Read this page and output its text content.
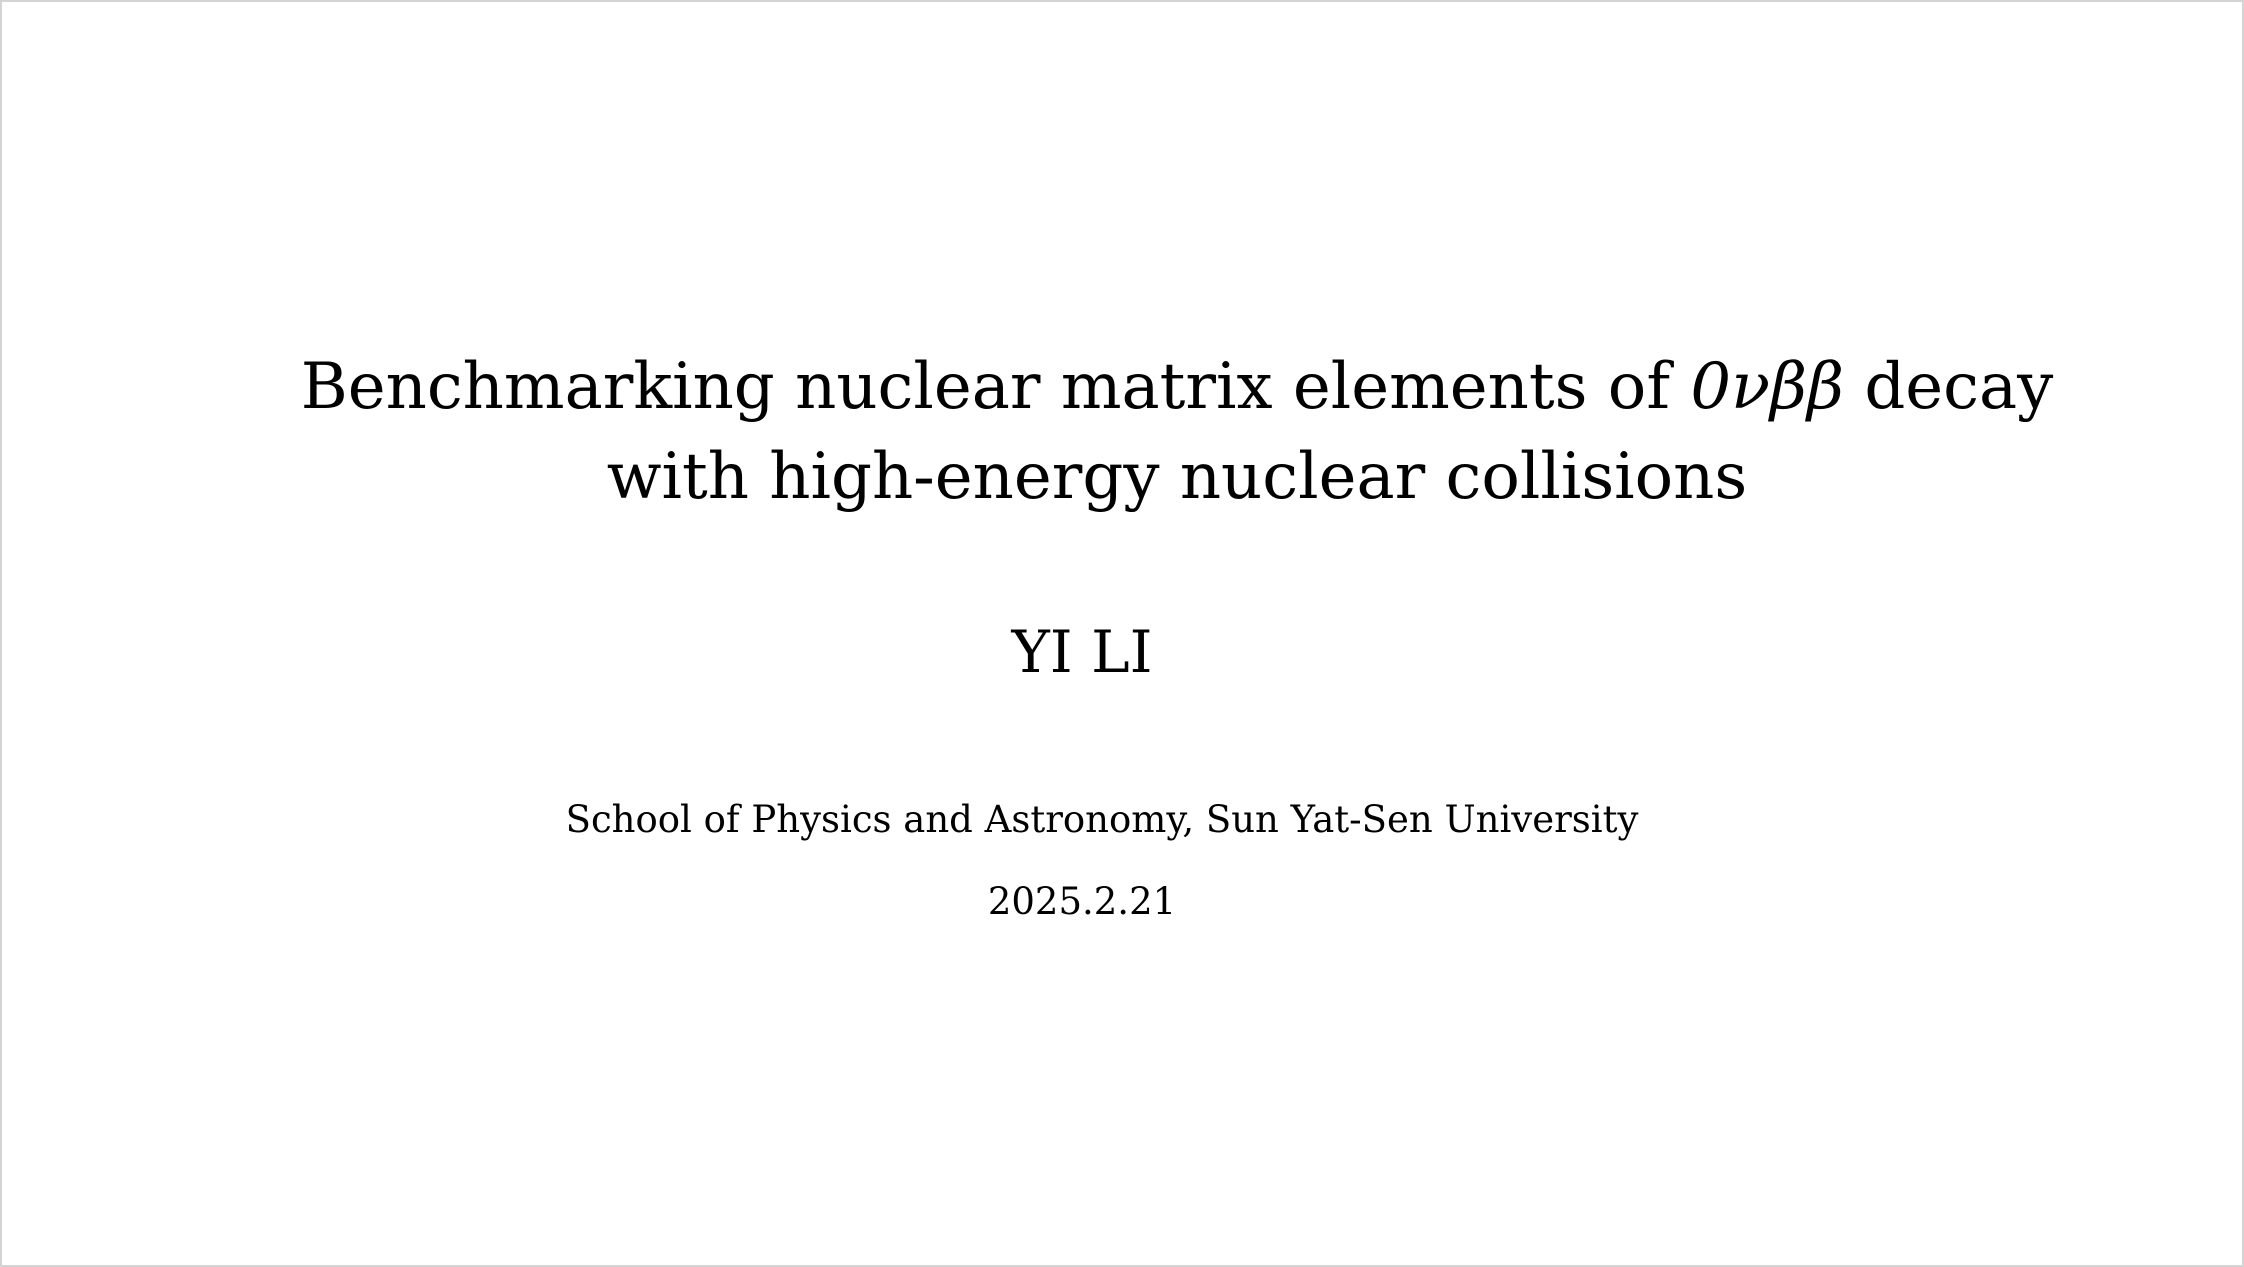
Benchmarking nuclear matrix elements of 0νββ decay
with high-energy nuclear collisions
YI LI
School of Physics and Astronomy, Sun Yat-Sen University
2025.2.21
